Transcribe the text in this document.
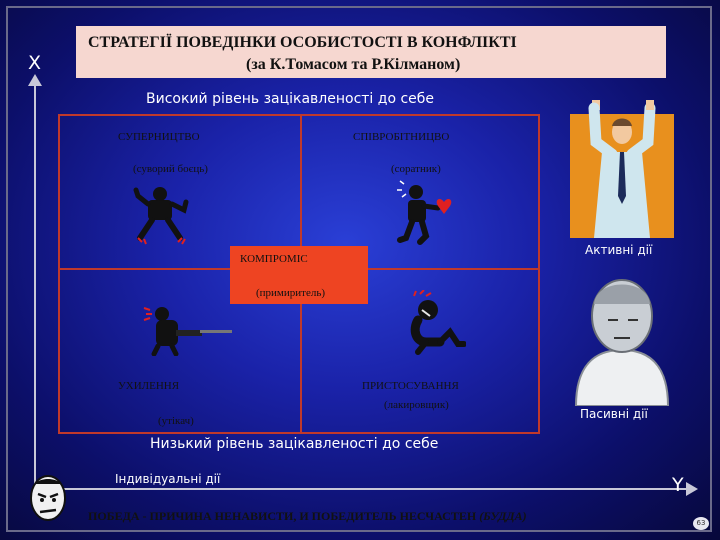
СТРАТЕГІЇ ПОВЕДІНКИ ОСОБИСТОСТІ В КОНФЛІКТІ
(за К.Томасом та Р.Кілманом)
X
Y
Високий рівень зацікавленості до себе
Низький рівень зацікавленості до себе
Індивідуальні дії
СУПЕРНИЦТВО
(суворий боєць)
СПІВРОБІТНИЦВО
(соратник)
УХИЛЕННЯ
(утікач)
ПРИСТОСУВАННЯ
(лакировщик)
КОМПРОМІС
(примиритель)
Активні дії
Пасивні дії
ПОБЕДА - ПРИЧИНА НЕНАВИСТИ, И ПОБЕДИТЕЛЬ НЕСЧАСТЕН (БУДДА)	63
